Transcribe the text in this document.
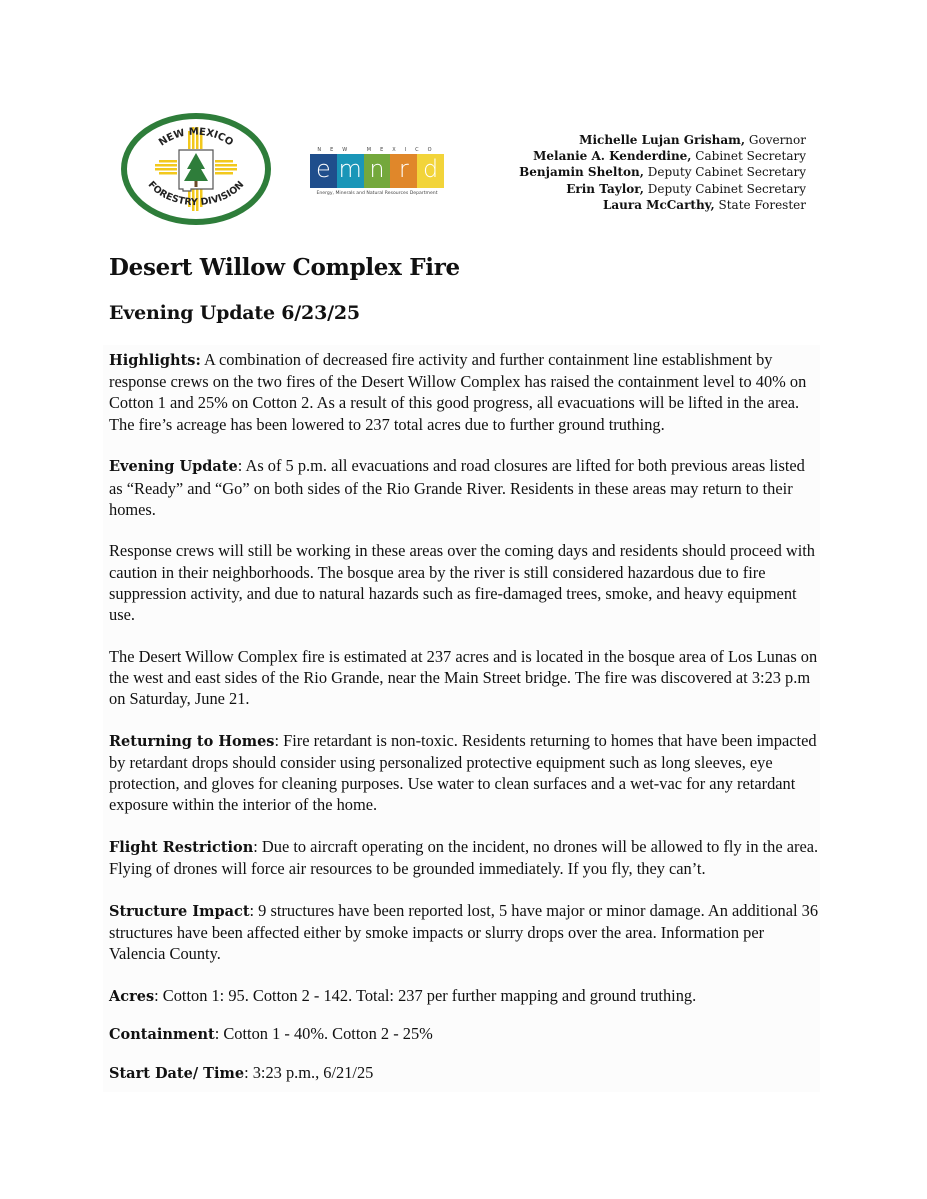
NEW MEXICO
FORESTRY DIVISION
NEW MEXICO
e m n r d
Energy, Minerals and Natural Resources Department
Michelle Lujan Grisham, Governor
Melanie A. Kenderdine, Cabinet Secretary
Benjamin Shelton, Deputy Cabinet Secretary
Erin Taylor, Deputy Cabinet Secretary
Laura McCarthy, State Forester
Desert Willow Complex Fire
Evening Update 6/23/25

Highlights: A combination of decreased fire activity and further containment line establishment by response crews on the two fires of the Desert Willow Complex has raised the containment level to 40% on Cotton 1 and 25% on Cotton 2. As a result of this good progress, all evacuations will be lifted in the area. The fire’s acreage has been lowered to 237 total acres due to further ground truthing.

Evening Update: As of 5 p.m. all evacuations and road closures are lifted for both previous areas listed as “Ready” and “Go” on both sides of the Rio Grande River. Residents in these areas may return to their homes.

Response crews will still be working in these areas over the coming days and residents should proceed with caution in their neighborhoods. The bosque area by the river is still considered hazardous due to fire suppression activity, and due to natural hazards such as fire-damaged trees, smoke, and heavy equipment use.

The Desert Willow Complex fire is estimated at 237 acres and is located in the bosque area of Los Lunas on the west and east sides of the Rio Grande, near the Main Street bridge. The fire was discovered at 3:23 p.m on Saturday, June 21.

Returning to Homes: Fire retardant is non-toxic. Residents returning to homes that have been impacted by retardant drops should consider using personalized protective equipment such as long sleeves, eye protection, and gloves for cleaning purposes. Use water to clean surfaces and a wet-vac for any retardant exposure within the interior of the home.

Flight Restriction: Due to aircraft operating on the incident, no drones will be allowed to fly in the area. Flying of drones will force air resources to be grounded immediately. If you fly, they can’t.

Structure Impact: 9 structures have been reported lost, 5 have major or minor damage. An additional 36 structures have been affected either by smoke impacts or slurry drops over the area. Information per Valencia County.

Acres: Cotton 1: 95. Cotton 2 - 142. Total: 237 per further mapping and ground truthing.

Containment: Cotton 1 - 40%. Cotton 2 - 25%

Start Date/ Time: 3:23 p.m., 6/21/25
